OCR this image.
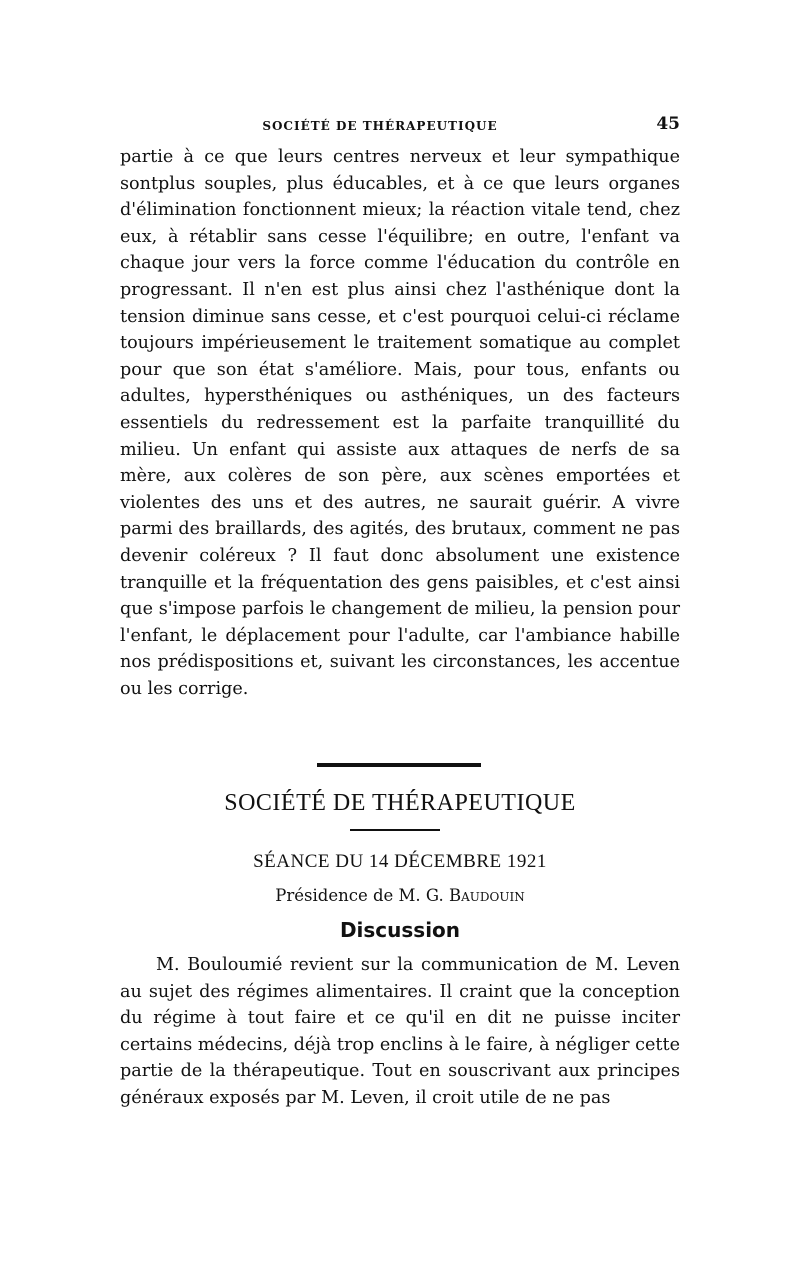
SOCIÉTÉ DE THÉRAPEUTIQUE	45

partie à ce que leurs centres nerveux et leur sympathique sontplus souples, plus éducables, et à ce que leurs organes d'élimination fonctionnent mieux; la réaction vitale tend, chez eux, à rétablir sans cesse l'équilibre; en outre, l'enfant va chaque jour vers la force comme l'éducation du contrôle en progressant. Il n'en est plus ainsi chez l'asthénique dont la tension diminue sans cesse, et c'est pourquoi celui-ci réclame toujours impérieusement le traitement somatique au complet pour que son état s'améliore. Mais, pour tous, enfants ou adultes, hypersthéniques ou asthéniques, un des facteurs essentiels du redressement est la parfaite tranquillité du milieu. Un enfant qui assiste aux attaques de nerfs de sa mère, aux colères de son père, aux scènes emportées et violentes des uns et des autres, ne saurait guérir. A vivre parmi des braillards, des agités, des brutaux, comment ne pas devenir coléreux ? Il faut donc absolument une existence tranquille et la fréquentation des gens paisibles, et c'est ainsi que s'impose parfois le changement de milieu, la pension pour l'enfant, le déplacement pour l'adulte, car l'ambiance habille nos prédispositions et, suivant les circonstances, les accentue ou les corrige.

SOCIÉTÉ DE THÉRAPEUTIQUE
SÉANCE DU 14 DÉCEMBRE 1921
Présidence de M. G. Baudouin
Discussion

M. Bouloumié revient sur la communication de M. Leven au sujet des régimes alimentaires. Il craint que la conception du régime à tout faire et ce qu'il en dit ne puisse inciter certains médecins, déjà trop enclins à le faire, à négliger cette partie de la thérapeutique. Tout en souscrivant aux principes généraux exposés par M. Leven, il croit utile de ne pas
